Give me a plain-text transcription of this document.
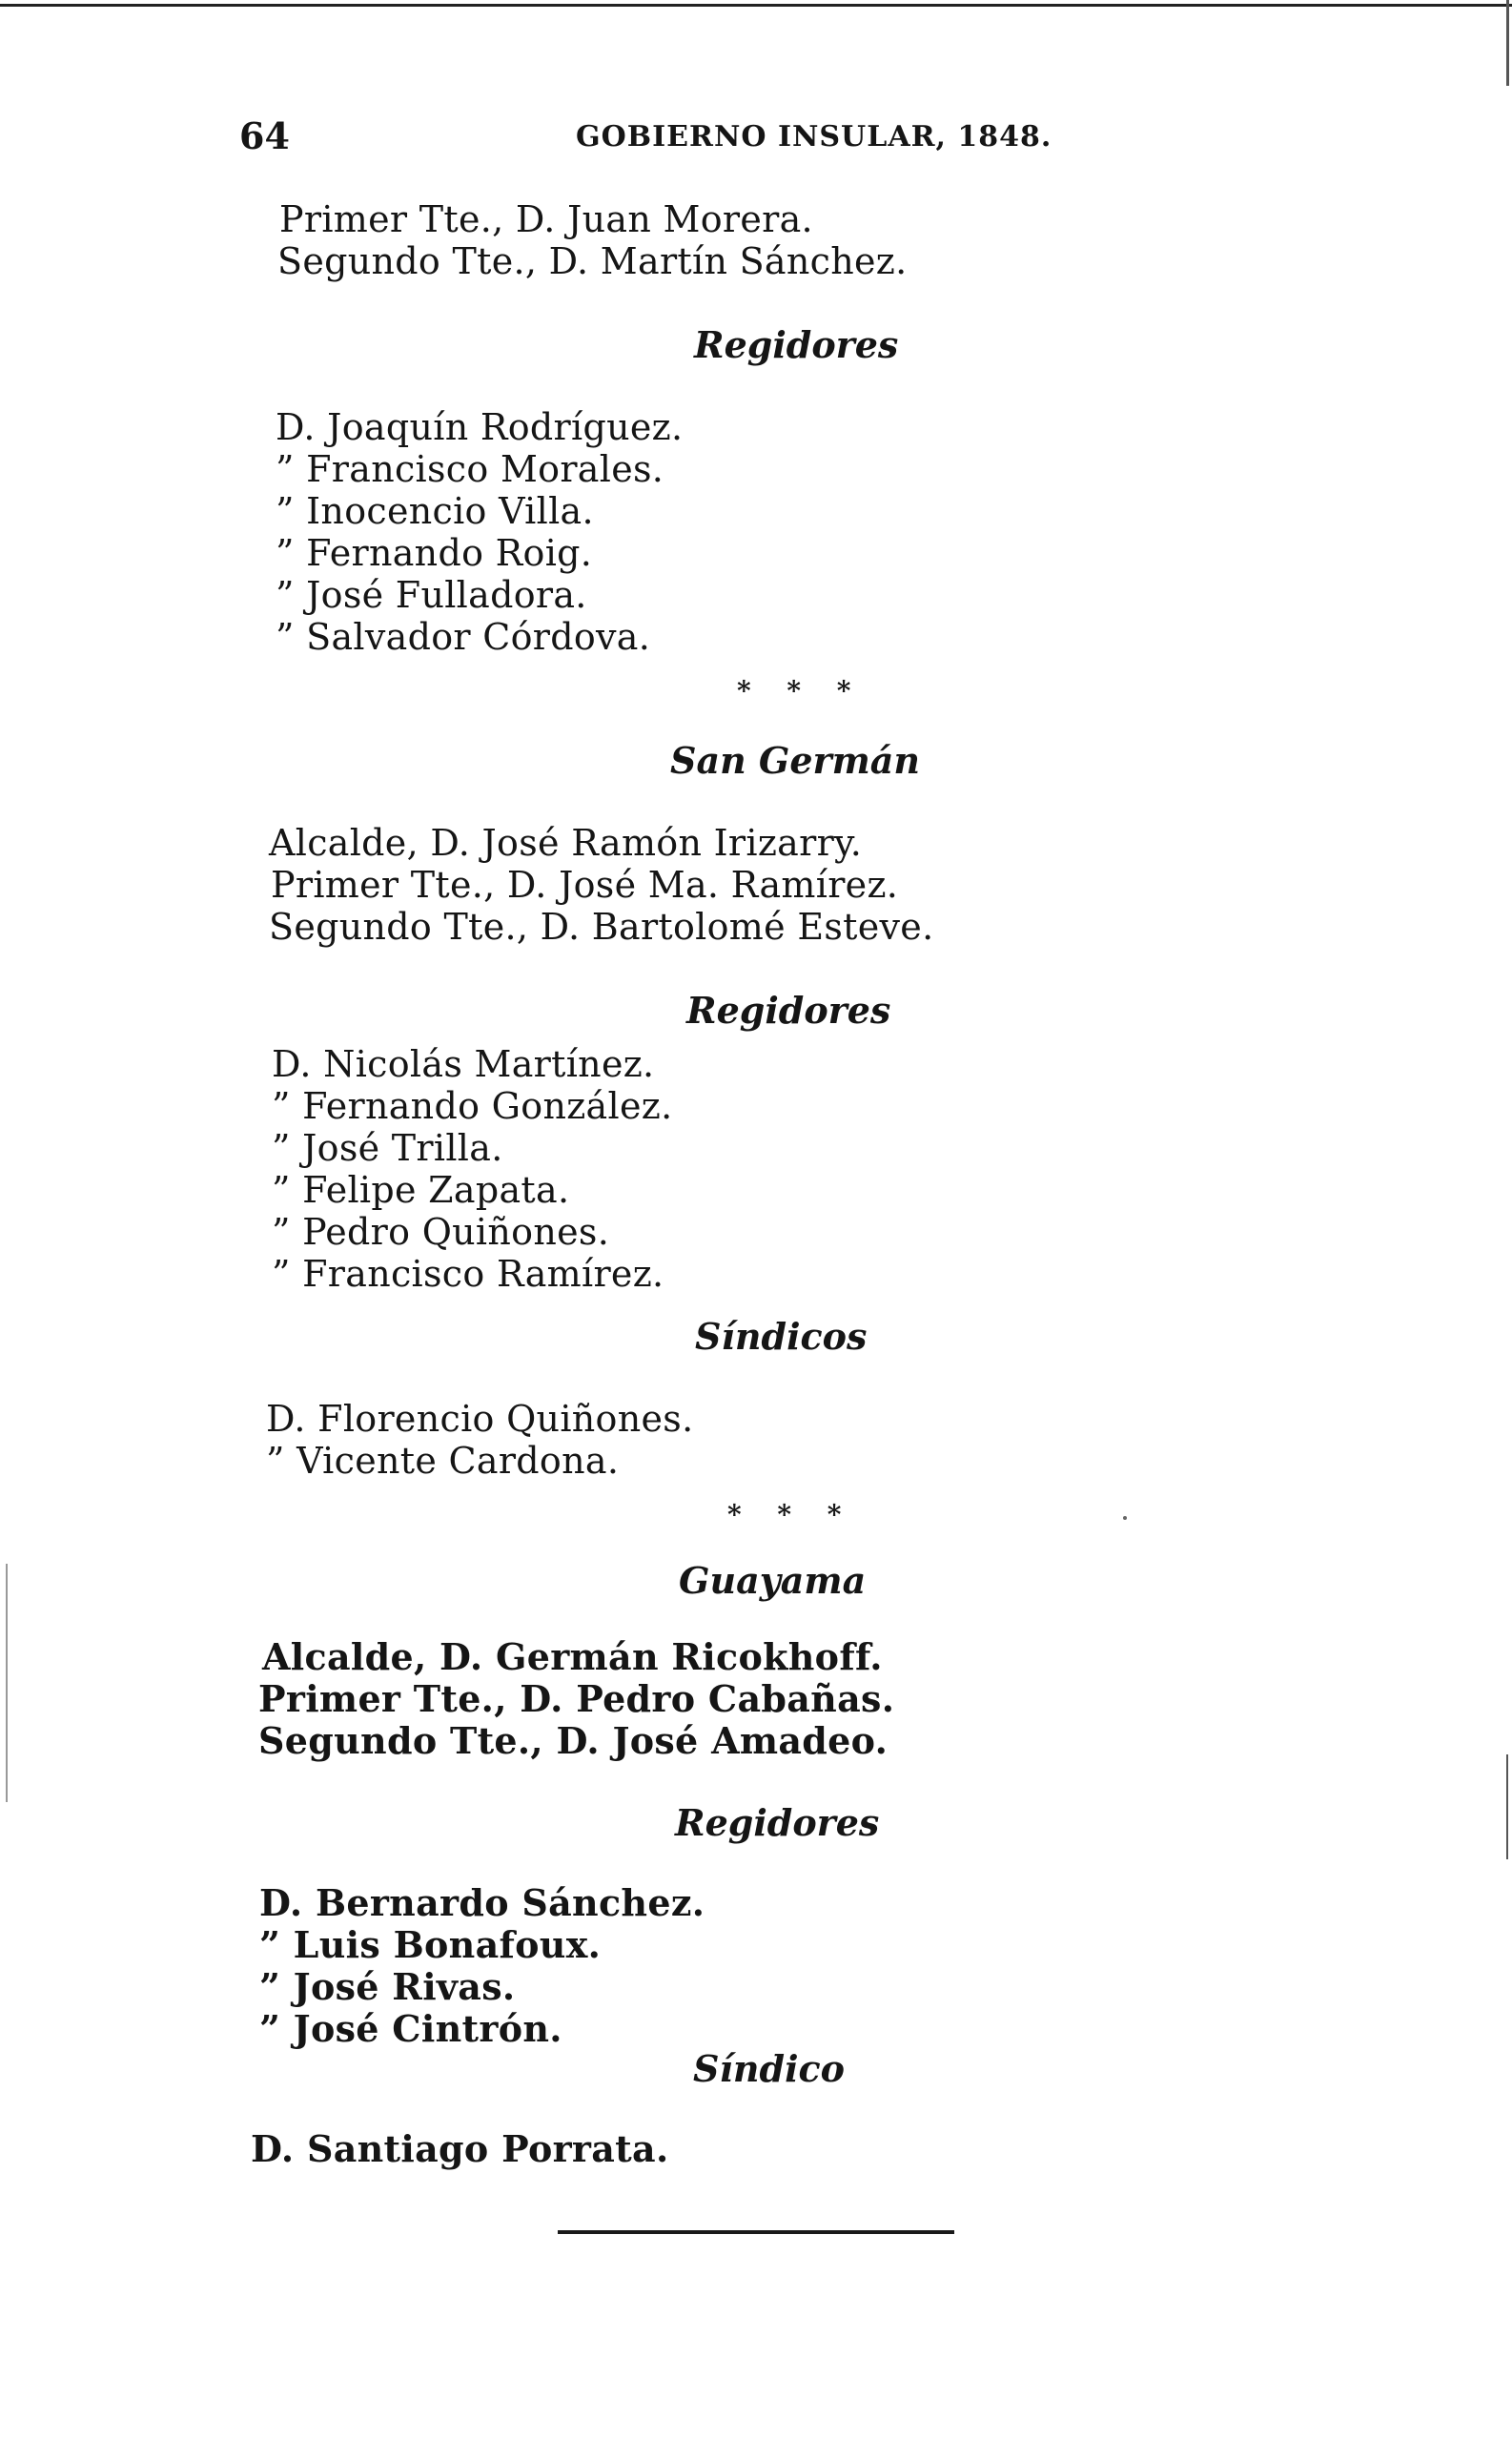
64	GOBIERNO INSULAR, 1848.
Primer Tte., D. Juan Morera.
Segundo Tte., D. Martín Sánchez.
Regidores
D. Joaquín Rodríguez.
” Francisco Morales.
” Inocencio Villa.
” Fernando Roig.
” José Fulladora.
” Salvador Córdova.
* * *
San Germán
Alcalde, D. José Ramón Irizarry.
Primer Tte., D. José Ma. Ramírez.
Segundo Tte., D. Bartolomé Esteve.
Regidores
D. Nicolás Martínez.
” Fernando González.
” José Trilla.
” Felipe Zapata.
” Pedro Quiñones.
” Francisco Ramírez.
Síndicos
D. Florencio Quiñones.
” Vicente Cardona.
* * *
Guayama
Alcalde, D. Germán Ricokhoff.
Primer Tte., D. Pedro Cabañas.
Segundo Tte., D. José Amadeo.
Regidores
D. Bernardo Sánchez.
” Luis Bonafoux.
” José Rivas.
” José Cintrón.
Síndico
D. Santiago Porrata.
